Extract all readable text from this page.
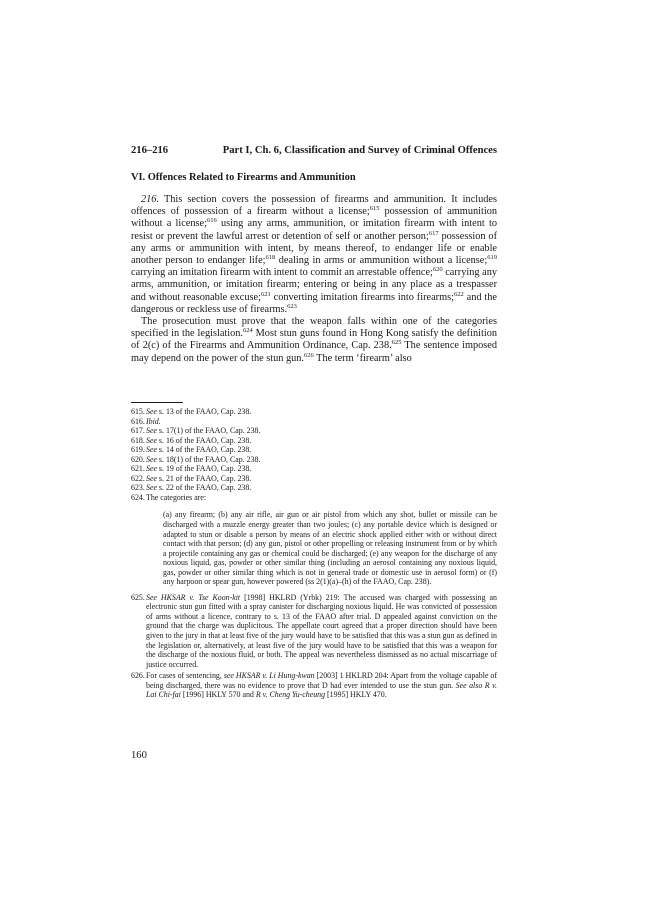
216–216	Part I, Ch. 6, Classification and Survey of Criminal Offences
VI. Offences Related to Firearms and Ammunition

216. This section covers the possession of firearms and ammunition. It includes offences of possession of a firearm without a license;$^{615}$ possession of ammunition without a license;$^{616}$ using any arms, ammunition, or imitation firearm with intent to resist or prevent the lawful arrest or detention of self or another person;$^{617}$ possession of any arms or ammunition with intent, by means thereof, to endanger life or enable another person to endanger life;$^{618}$ dealing in arms or ammunition without a license;$^{619}$ carrying an imitation firearm with intent to commit an arrestable offence;$^{620}$ carrying any arms, ammunition, or imitation firearm; entering or being in any place as a trespasser and without reasonable excuse;$^{621}$ converting imitation firearms into firearms;$^{622}$ and the dangerous or reckless use of firearms.$^{623}$

The prosecution must prove that the weapon falls within one of the categories specified in the legislation.$^{624}$ Most stun guns found in Hong Kong satisfy the definition of 2(c) of the Firearms and Ammunition Ordinance, Cap. 238.$^{625}$ The sentence imposed may depend on the power of the stun gun.$^{626}$ The term ‘firearm’ also

615. See s. 13 of the FAAO, Cap. 238.
616. Ibid.
617. See s. 17(1) of the FAAO, Cap. 238.
618. See s. 16 of the FAAO, Cap. 238.
619. See s. 14 of the FAAO, Cap. 238.
620. See s. 18(1) of the FAAO, Cap. 238.
621. See s. 19 of the FAAO, Cap. 238.
622. See s. 21 of the FAAO, Cap. 238.
623. See s. 22 of the FAAO, Cap. 238.
624. The categories are:
(a) any firearm; (b) any air rifle, air gun or air pistol from which any shot, bullet or missile can be discharged with a muzzle energy greater than two joules; (c) any portable device which is designed or adapted to stun or disable a person by means of an electric shock applied either with or without direct contact with that person; (d) any gun, pistol or other propelling or releasing instrument from or by which a projectile containing any gas or chemical could be discharged; (e) any weapon for the discharge of any noxious liquid, gas, powder or other similar thing (including an aerosol containing any noxious liquid, gas, powder or other similar thing which is not in general trade or domestic use in aerosol form) or (f) any harpoon or spear gun, however powered (ss 2(1)(a)–(h) of the FAAO, Cap. 238).
625. See HKSAR v. Tse Koon-kit [1998] HKLRD (Yrbk) 219: The accused was charged with possessing an electronic stun gun fitted with a spray canister for discharging noxious liquid. He was convicted of possession of arms without a licence, contrary to s. 13 of the FAAO after trial. D appealed against conviction on the ground that the charge was duplicitous. The appellate court agreed that a proper direction should have been given to the jury in that at least five of the jury would have to be satisfied that this was a stun gun as defined in the legislation or, alternatively, at least five of the jury would have to be satisfied that this was a weapon for the discharge of the noxious fluid, or both. The appeal was nevertheless dismissed as no actual miscarriage of justice occurred.
626. For cases of sentencing, see HKSAR v. Li Hung-kwan [2003] 1 HKLRD 204: Apart from the voltage capable of being discharged, there was no evidence to prove that D had ever intended to use the stun gun. See also R v. Lai Chi-fai [1996] HKLY 570 and R v. Cheng Yu-cheung [1995] HKLY 470.
160
